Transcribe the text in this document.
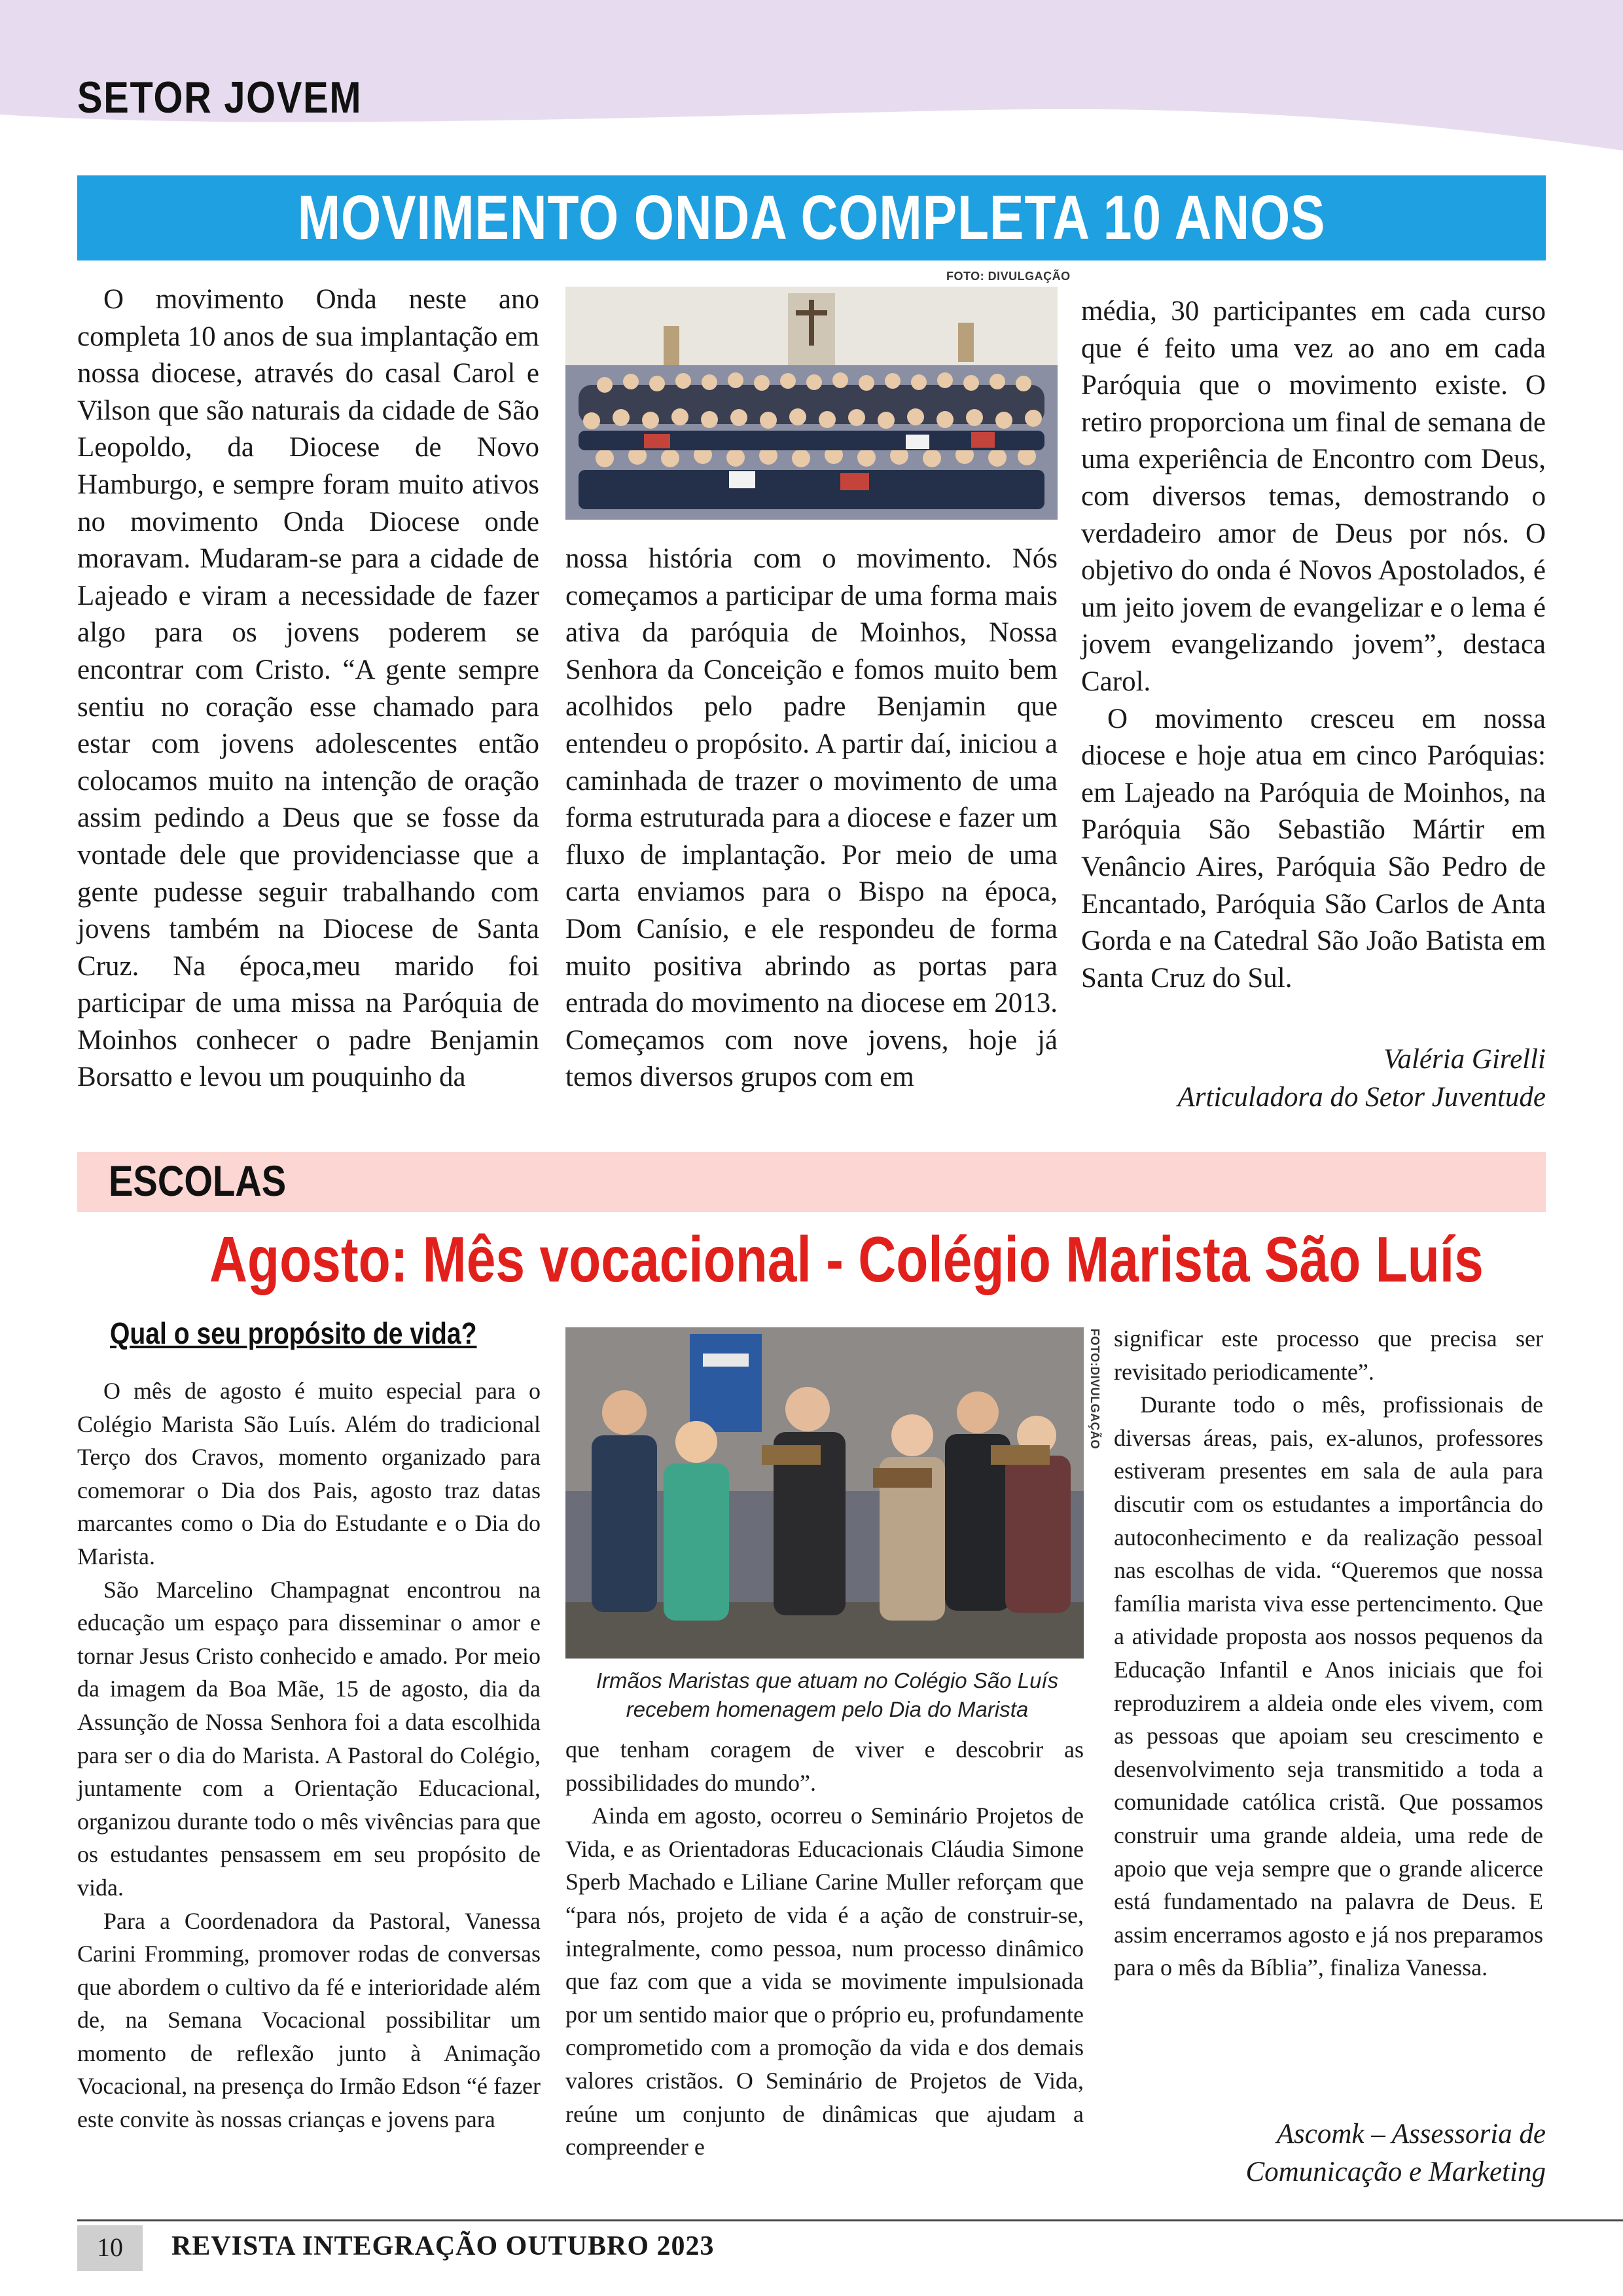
SETOR JOVEM
MOVIMENTO ONDA COMPLETA 10 ANOS

O movimento Onda neste ano completa 10 anos de sua implantação em nossa diocese, através do casal Carol e Vilson que são naturais da cidade de São Leopoldo, da Diocese de Novo Hamburgo, e sempre foram muito ativos no movimento Onda Diocese onde moravam. Mudaram-se para a cidade de Lajeado e viram a necessidade de fazer algo para os jovens poderem se encontrar com Cristo. “A gente sempre sentiu no coração esse chamado para estar com jovens adolescentes então colocamos muito na intenção de oração assim pedindo a Deus que se fosse da vontade dele que providenciasse que a gente pudesse seguir trabalhando com jovens também na Diocese de Santa Cruz. Na época,meu marido foi participar de uma missa na Paróquia de Moinhos conhecer o padre Benjamin Borsatto e levou um pouquinho da

FOTO: DIVULGAÇÃO

nossa história com o movimento. Nós começamos a participar de uma forma mais ativa da paróquia de Moinhos, Nossa Senhora da Conceição e fomos muito bem acolhidos pelo padre Benjamin que entendeu o propósito. A partir daí, iniciou a caminhada de trazer o movimento de uma forma estruturada para a diocese e fazer um fluxo de implantação. Por meio de uma carta enviamos para o Bispo na época, Dom Canísio, e ele respondeu de forma muito positiva abrindo as portas para entrada do movimento na diocese em 2013. Começamos com nove jovens, hoje já temos diversos grupos com em

média, 30 participantes em cada curso que é feito uma vez ao ano em cada Paróquia que o movimento existe. O retiro proporciona um final de semana de uma experiência de Encontro com Deus, com diversos temas, demostrando o verdadeiro amor de Deus por nós. O objetivo do onda é Novos Apostolados, é um jeito jovem de evangelizar e o lema é jovem evangelizando jovem”, destaca Carol.

O movimento cresceu em nossa diocese e hoje atua em cinco Paróquias: em Lajeado na Paróquia de Moinhos, na Paróquia São Sebastião Mártir em Venâncio Aires, Paróquia São Pedro de Encantado, Paróquia São Carlos de Anta Gorda e na Catedral São João Batista em Santa Cruz do Sul.

Valéria Girelli
Articuladora do Setor Juventude
ESCOLAS
Agosto: Mês vocacional - Colégio Marista São Luís
Qual o seu propósito de vida?

O mês de agosto é muito especial para o Colégio Marista São Luís. Além do tradicional Terço dos Cravos, momento organizado para comemorar o Dia dos Pais, agosto traz datas marcantes como o Dia do Estudante e o Dia do Marista.

São Marcelino Champagnat encontrou na educação um espaço para disseminar o amor e tornar Jesus Cristo conhecido e amado. Por meio da imagem da Boa Mãe, 15 de agosto, dia da Assunção de Nossa Senhora foi a data escolhida para ser o dia do Marista. A Pastoral do Colégio, juntamente com a Orientação Educacional, organizou durante todo o mês vivências para que os estudantes pensassem em seu propósito de vida.

Para a Coordenadora da Pastoral, Vanessa Carini Fromming, promover rodas de conversas que abordem o cultivo da fé e interioridade além de, na Semana Vocacional possibilitar um momento de reflexão junto à Animação Vocacional, na presença do Irmão Edson “é fazer este convite às nossas crianças e jovens para

FOTO:DIVULGAÇÃO
Irmãos Maristas que atuam no Colégio São Luís recebem homenagem pelo Dia do Marista

que tenham coragem de viver e descobrir as possibilidades do mundo”.

Ainda em agosto, ocorreu o Seminário Projetos de Vida, e as Orientadoras Educacionais Cláudia Simone Sperb Machado e Liliane Carine Muller reforçam que “para nós, projeto de vida é a ação de construir-se, integralmente, como pessoa, num processo dinâmico que faz com que a vida se movimente impulsionada por um sentido maior que o próprio eu, profundamente comprometido com a promoção da vida e dos demais valores cristãos. O Seminário de Projetos de Vida, reúne um conjunto de dinâmicas que ajudam a compreender e

significar este processo que precisa ser revisitado periodicamente”.

Durante todo o mês, profissionais de diversas áreas, pais, ex-alunos, professores estiveram presentes em sala de aula para discutir com os estudantes a importância do autoconhecimento e da realização pessoal nas escolhas de vida. “Queremos que nossa família marista viva esse pertencimento. Que a atividade proposta aos nossos pequenos da Educação Infantil e Anos iniciais que foi reproduzirem a aldeia onde eles vivem, com as pessoas que apoiam seu crescimento e desenvolvimento seja transmitido a toda a comunidade católica cristã. Que possamos construir uma grande aldeia, uma rede de apoio que veja sempre que o grande alicerce está fundamentado na palavra de Deus. E assim encerramos agosto e já nos preparamos para o mês da Bíblia”, finaliza Vanessa.

Ascomk – Assessoria de
Comunicação e Marketing
10	REVISTA INTEGRAÇÃO OUTUBRO 2023
